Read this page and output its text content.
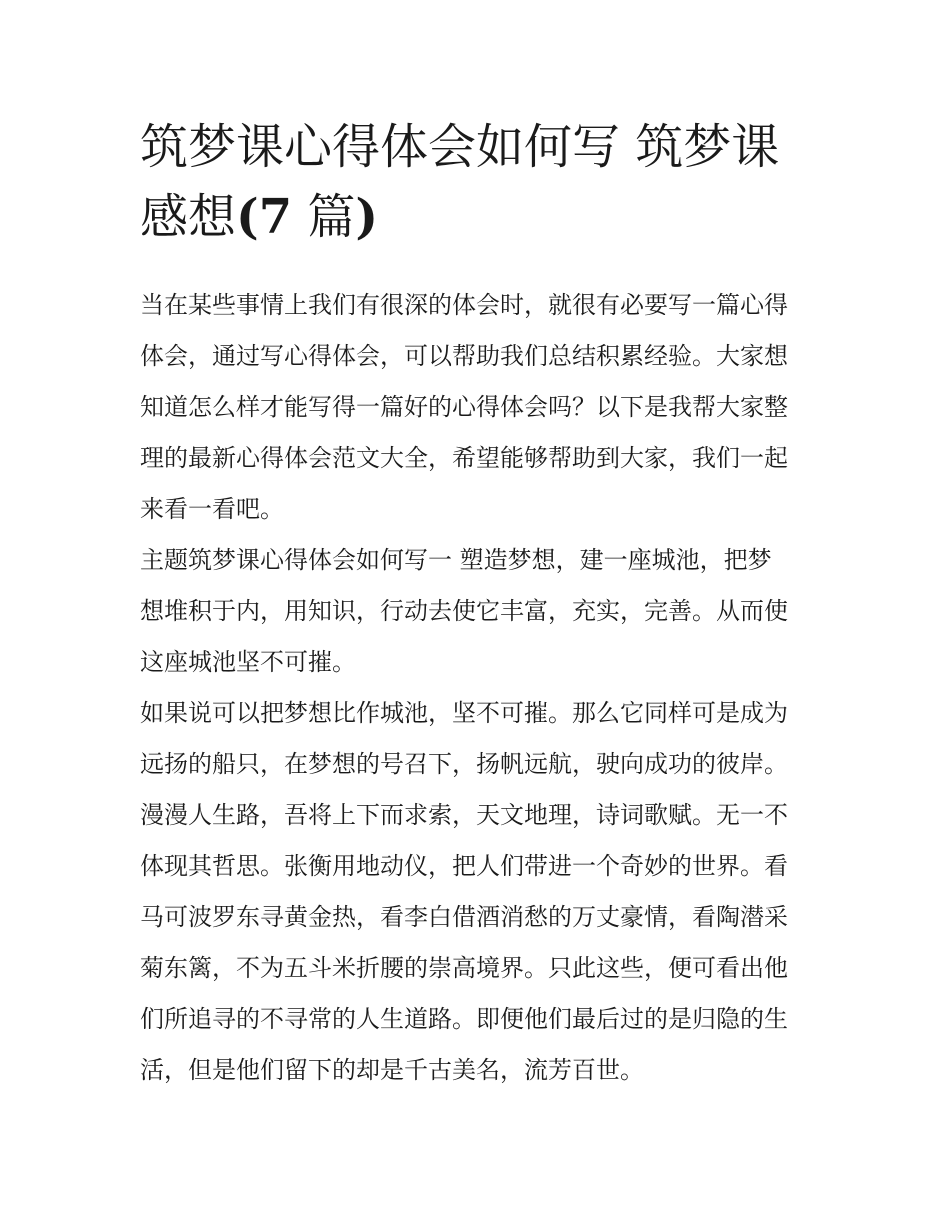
筑梦课心得体会如何写 筑梦课
感想(7 篇)

当在某些事情上我们有很深的体会时，就很有必要写一篇心得
体会，通过写心得体会，可以帮助我们总结积累经验。大家想
知道怎么样才能写得一篇好的心得体会吗？以下是我帮大家整
理的最新心得体会范文大全，希望能够帮助到大家，我们一起
来看一看吧。

主题筑梦课心得体会如何写一 塑造梦想，建一座城池，把梦
想堆积于内，用知识，行动去使它丰富，充实，完善。从而使
这座城池坚不可摧。

如果说可以把梦想比作城池，坚不可摧。那么它同样可是成为
远扬的船只，在梦想的号召下，扬帆远航，驶向成功的彼岸。
漫漫人生路，吾将上下而求索，天文地理，诗词歌赋。无一不
体现其哲思。张衡用地动仪，把人们带进一个奇妙的世界。看
马可波罗东寻黄金热，看李白借酒消愁的万丈豪情，看陶潜采
菊东篱，不为五斗米折腰的崇高境界。只此这些，便可看出他
们所追寻的不寻常的人生道路。即便他们最后过的是归隐的生
活，但是他们留下的却是千古美名，流芳百世。
